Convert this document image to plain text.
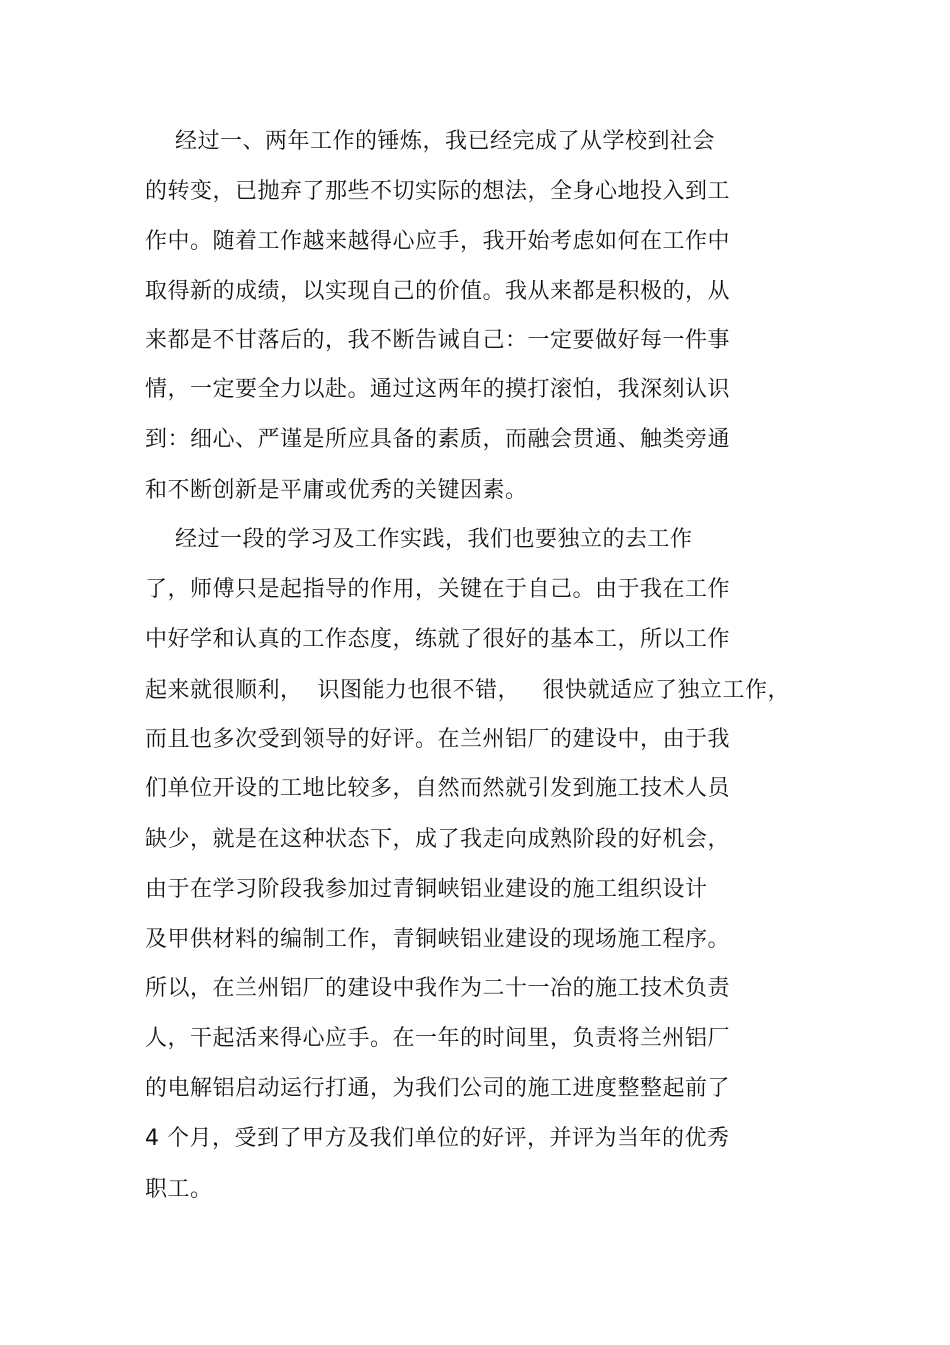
经过一、两年工作的锤炼，我已经完成了从学校到社会
的转变，已抛弃了那些不切实际的想法，全身心地投入到工
作中。随着工作越来越得心应手，我开始考虑如何在工作中
取得新的成绩，以实现自己的价值。我从来都是积极的，从
来都是不甘落后的，我不断告诫自己：一定要做好每一件事
情，一定要全力以赴。通过这两年的摸打滚怕，我深刻认识
到：细心、严谨是所应具备的素质，而融会贯通、触类旁通
和不断创新是平庸或优秀的关键因素。
经过一段的学习及工作实践，我们也要独立的去工作
了，师傅只是起指导的作用，关键在于自己。由于我在工作
中好学和认真的工作态度，练就了很好的基本工，所以工作
起来就很顺利，  识图能力也很不错，   很快就适应了独立工作，
而且也多次受到领导的好评。在兰州铝厂的建设中，由于我
们单位开设的工地比较多，自然而然就引发到施工技术人员
缺少，就是在这种状态下，成了我走向成熟阶段的好机会，
由于在学习阶段我参加过青铜峡铝业建设的施工组织设计
及甲供材料的编制工作，青铜峡铝业建设的现场施工程序。
所以，在兰州铝厂的建设中我作为二十一冶的施工技术负责
人，干起活来得心应手。在一年的时间里，负责将兰州铝厂
的电解铝启动运行打通，为我们公司的施工进度整整起前了
4 个月，受到了甲方及我们单位的好评，并评为当年的优秀
职工。
